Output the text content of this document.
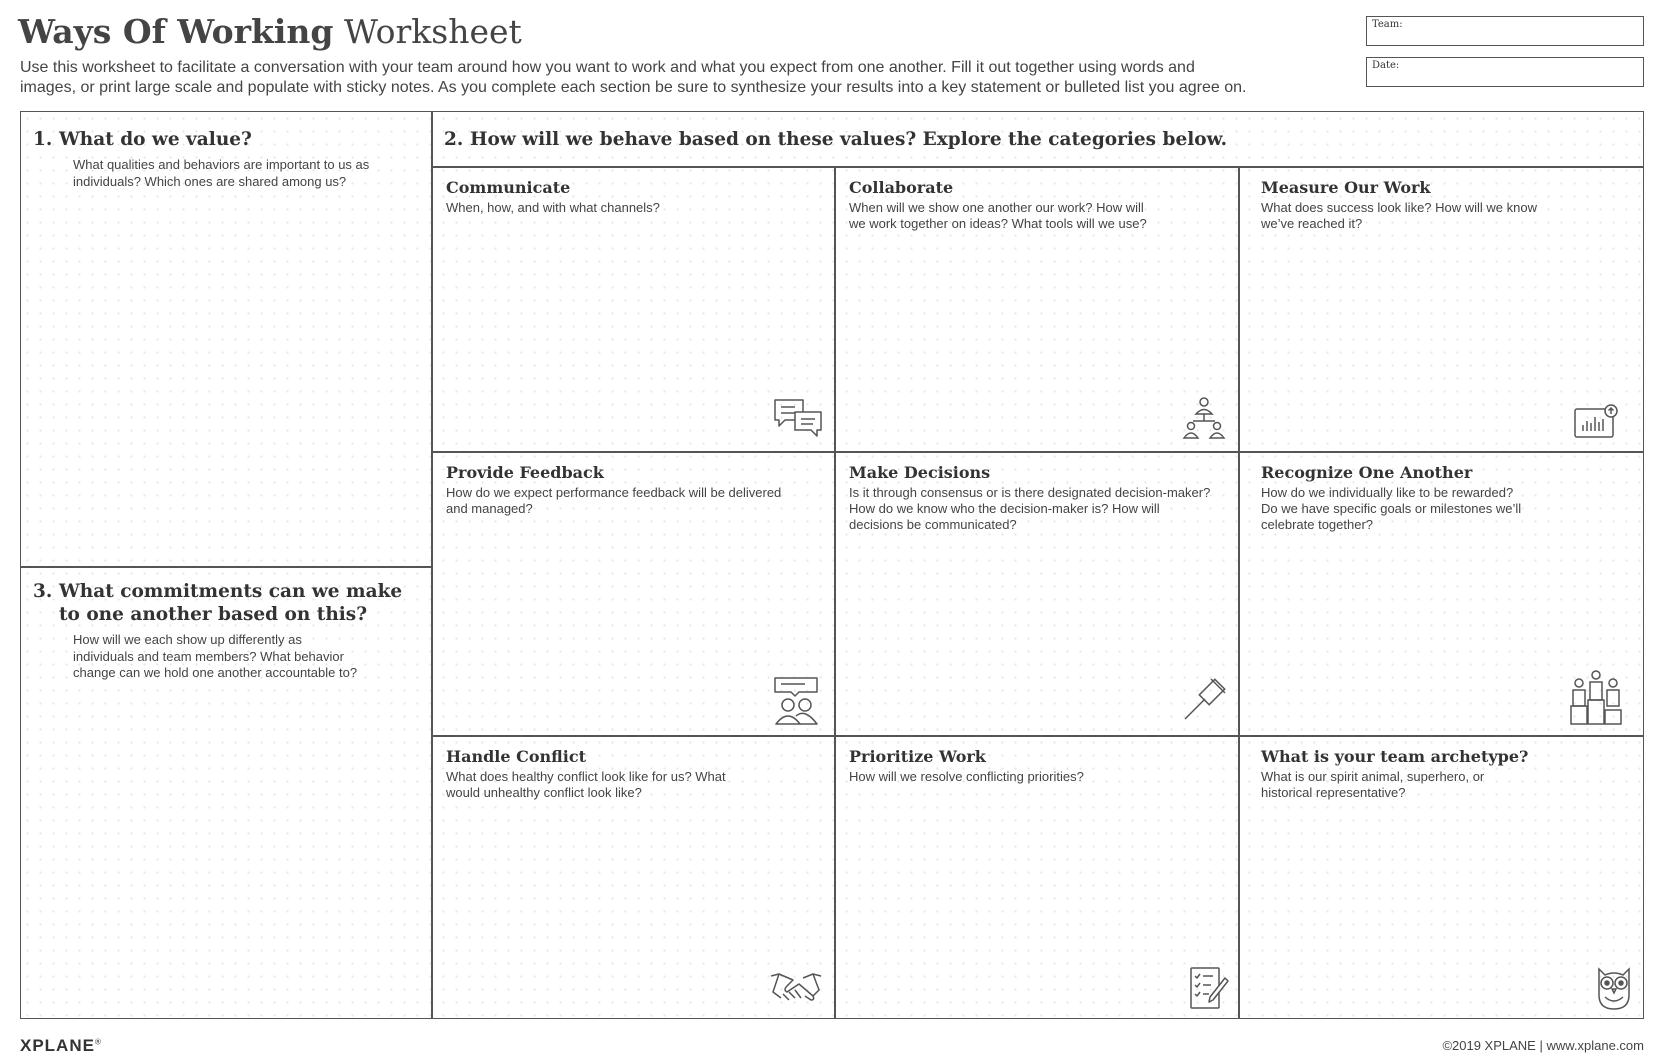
Ways Of Working Worksheet

Use this worksheet to facilitate a conversation with your team around how you want to work and what you expect from one another. Fill it out together using words and
images, or print large scale and populate with sticky notes. As you complete each section be sure to synthesize your results into a key statement or bulleted list you agree on.

Team:
Date:
1. What do we value?

What qualities and behaviors are important to us as
individuals? Which ones are shared among us?

3. What commitments can we make
to one another based on this?

How will we each show up differently as
individuals and team members? What behavior
change can we hold one another accountable to?

2. How will we behave based on these values? Explore the categories below.
Communicate

When, how, and with what channels?

Collaborate

When will we show one another our work? How will
we work together on ideas? What tools will we use?

Measure Our Work

What does success look like? How will we know
we’ve reached it?

Provide Feedback

How do we expect performance feedback will be delivered
and managed?

Make Decisions

Is it through consensus or is there designated decision-maker?
How do we know who the decision-maker is? How will
decisions be communicated?

Recognize One Another

How do we individually like to be rewarded?
Do we have specific goals or milestones we’ll
celebrate together?

Handle Conflict

What does healthy conflict look like for us? What
would unhealthy conflict look like?

Prioritize Work

How will we resolve conflicting priorities?

What is your team archetype?

What is our spirit animal, superhero, or
historical representative?

XPLANE®	©2019 XPLANE | www.xplane.com
